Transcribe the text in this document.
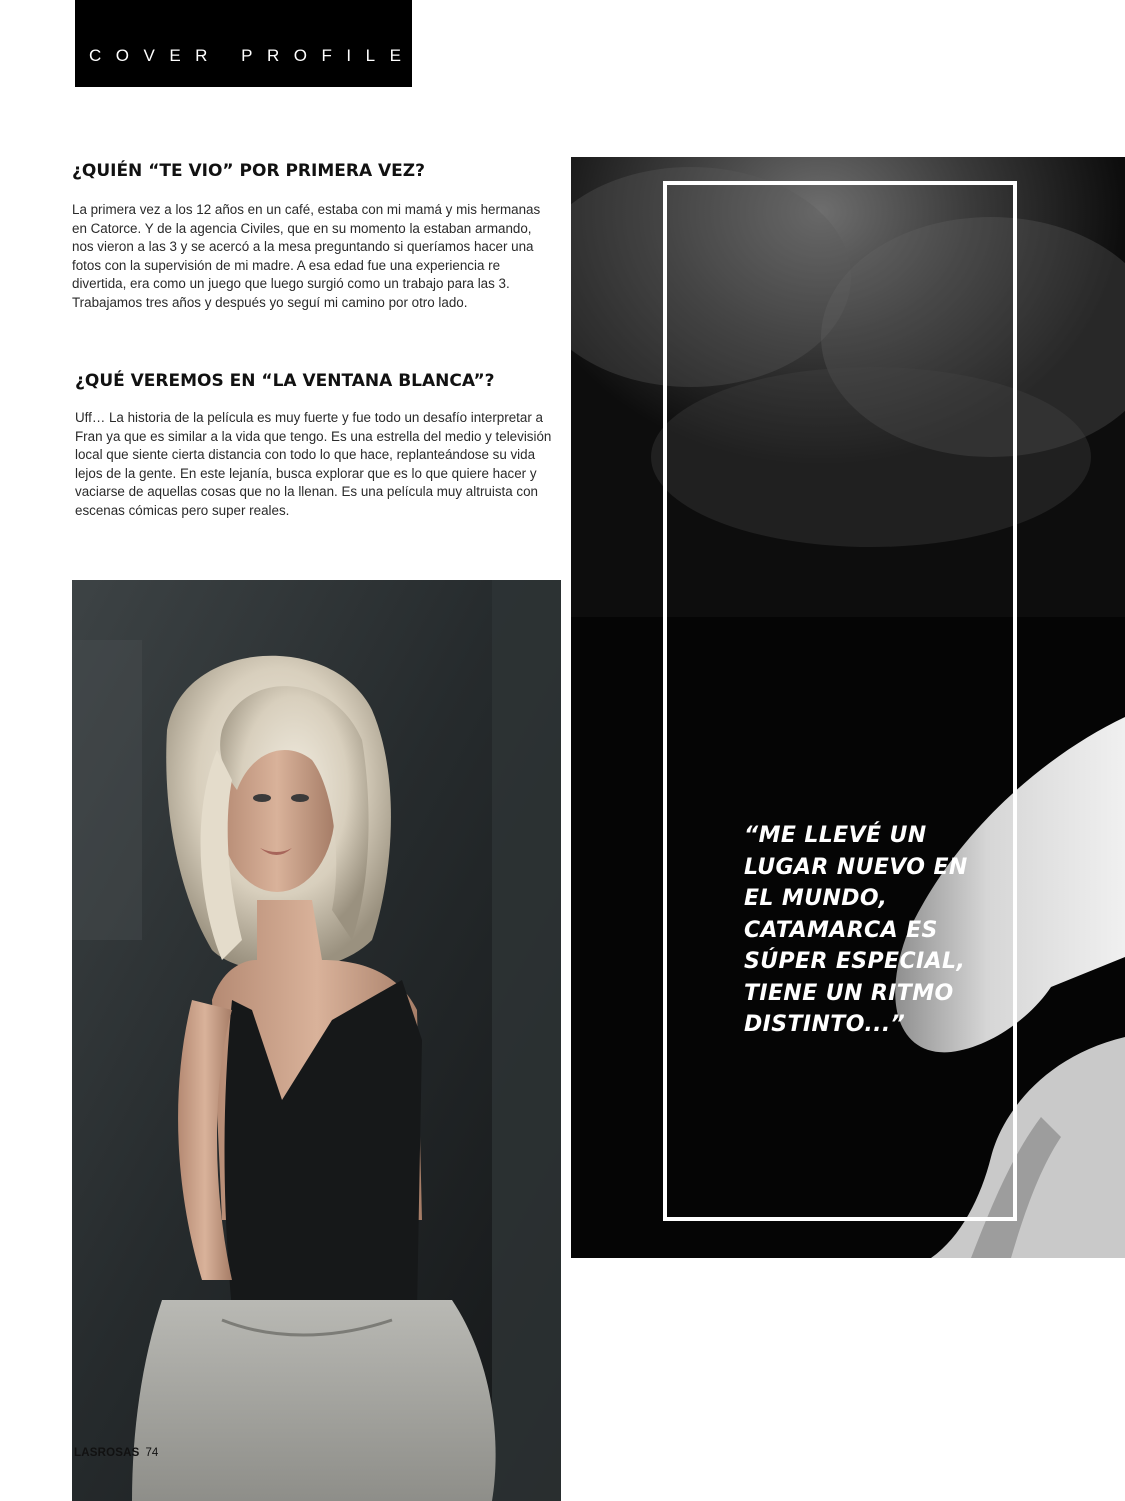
COVER PROFILE
¿QUIÉN “TE VIO” POR PRIMERA VEZ?

La primera vez a los 12 años en un café, estaba con mi mamá y mis hermanas en Catorce. Y de la agencia Civiles, que en su momento la estaban armando, nos vieron a las 3 y se acercó a la mesa preguntando si queríamos hacer una fotos con la supervisión de mi madre. A esa edad fue una experiencia re divertida, era como un juego que luego surgió como un trabajo para las 3. Trabajamos tres años y después yo seguí mi camino por otro lado.

¿QUÉ VEREMOS EN “LA VENTANA BLANCA”?

Uff… La historia de la película es muy fuerte y fue todo un desafío interpretar a Fran ya que es similar a la vida que tengo. Es una estrella del medio y televisión local que siente cierta distancia con todo lo que hace, replanteándose su vida lejos de la gente. En este lejanía, busca explorar que es lo que quiere hacer y vaciarse de aquellas cosas que no la llenan. Es una película muy altruista con escenas cómicas pero super reales.

“ME LLEVÉ UN LUGAR NUEVO EN EL MUNDO, CATAMARCA ES SÚPER ESPECIAL, TIENE UN RITMO DISTINTO...”

LASROSAS 74
